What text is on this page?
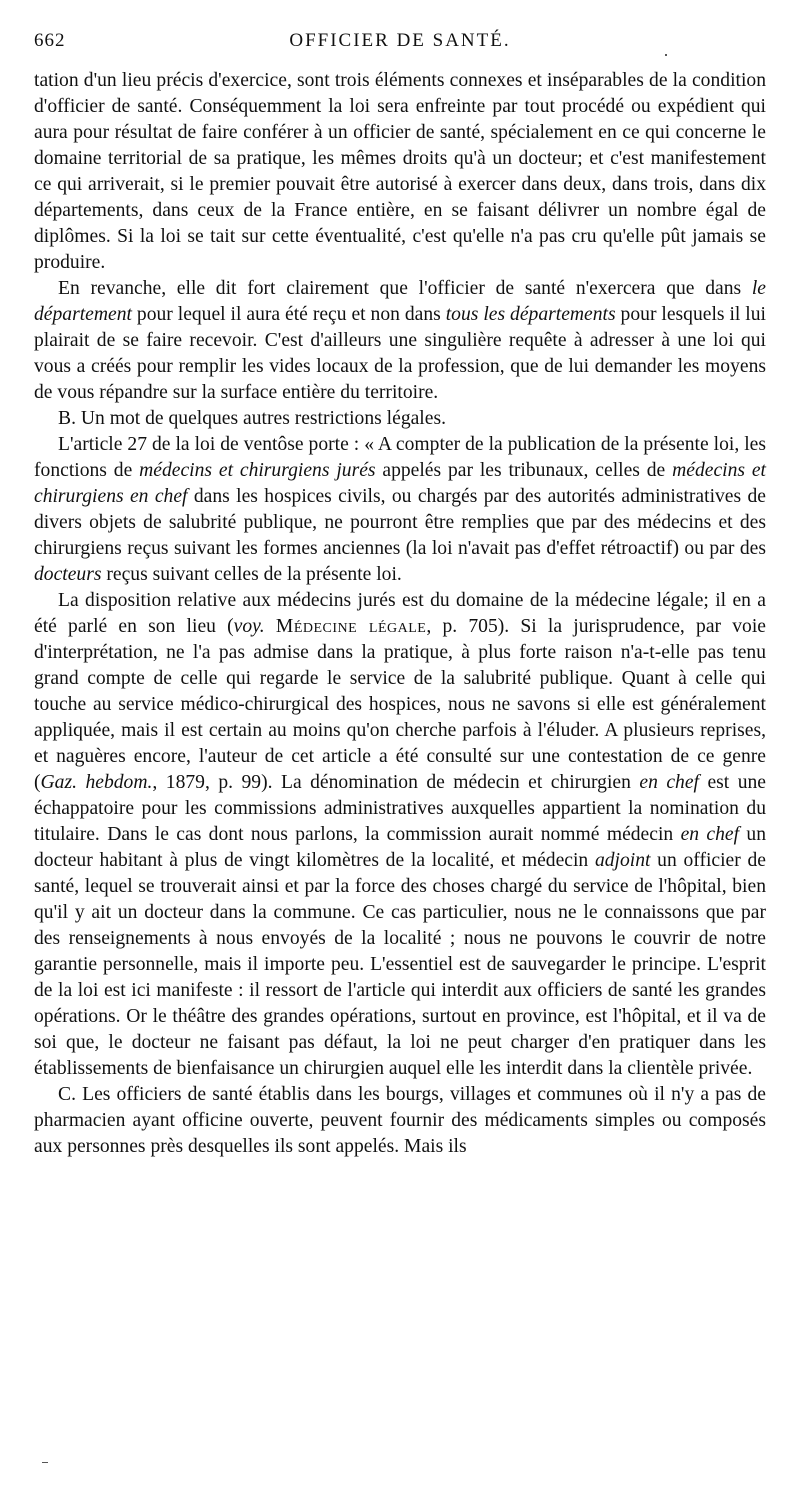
662	OFFICIER DE SANTÉ.

tation d'un lieu précis d'exercice, sont trois éléments connexes et inséparables de la condition d'officier de santé. Conséquemment la loi sera enfreinte par tout procédé ou expédient qui aura pour résultat de faire conférer à un officier de santé, spécialement en ce qui concerne le domaine territorial de sa pratique, les mêmes droits qu'à un docteur; et c'est manifestement ce qui arriverait, si le premier pouvait être autorisé à exercer dans deux, dans trois, dans dix départements, dans ceux de la France entière, en se faisant délivrer un nombre égal de diplômes. Si la loi se tait sur cette éventualité, c'est qu'elle n'a pas cru qu'elle pût jamais se produire.

En revanche, elle dit fort clairement que l'officier de santé n'exercera que dans le département pour lequel il aura été reçu et non dans tous les départements pour lesquels il lui plairait de se faire recevoir. C'est d'ailleurs une singulière requête à adresser à une loi qui vous a créés pour remplir les vides locaux de la profession, que de lui demander les moyens de vous répandre sur la surface entière du territoire.

B. Un mot de quelques autres restrictions légales.

L'article 27 de la loi de ventôse porte : « A compter de la publication de la présente loi, les fonctions de médecins et chirurgiens jurés appelés par les tribunaux, celles de médecins et chirurgiens en chef dans les hospices civils, ou chargés par des autorités administratives de divers objets de salubrité publique, ne pourront être remplies que par des médecins et des chirurgiens reçus suivant les formes anciennes (la loi n'avait pas d'effet rétroactif) ou par des docteurs reçus suivant celles de la présente loi.

La disposition relative aux médecins jurés est du domaine de la médecine légale; il en a été parlé en son lieu (voy. Médecine légale, p. 705). Si la jurisprudence, par voie d'interprétation, ne l'a pas admise dans la pratique, à plus forte raison n'a-t-elle pas tenu grand compte de celle qui regarde le service de la salubrité publique. Quant à celle qui touche au service médico-chirurgical des hospices, nous ne savons si elle est généralement appliquée, mais il est certain au moins qu'on cherche parfois à l'éluder. A plusieurs reprises, et naguères encore, l'auteur de cet article a été consulté sur une contestation de ce genre (Gaz. hebdom., 1879, p. 99). La dénomination de médecin et chirurgien en chef est une échappatoire pour les commissions administratives auxquelles appartient la nomination du titulaire. Dans le cas dont nous parlons, la commission aurait nommé médecin en chef un docteur habitant à plus de vingt kilomètres de la localité, et médecin adjoint un officier de santé, lequel se trouverait ainsi et par la force des choses chargé du service de l'hôpital, bien qu'il y ait un docteur dans la commune. Ce cas particulier, nous ne le connaissons que par des renseignements à nous envoyés de la localité ; nous ne pouvons le couvrir de notre garantie personnelle, mais il importe peu. L'essentiel est de sauvegarder le principe. L'esprit de la loi est ici manifeste : il ressort de l'article qui interdit aux officiers de santé les grandes opérations. Or le théâtre des grandes opérations, surtout en province, est l'hôpital, et il va de soi que, le docteur ne faisant pas défaut, la loi ne peut charger d'en pratiquer dans les établissements de bienfaisance un chirurgien auquel elle les interdit dans la clientèle privée.

C. Les officiers de santé établis dans les bourgs, villages et communes où il n'y a pas de pharmacien ayant officine ouverte, peuvent fournir des médicaments simples ou composés aux personnes près desquelles ils sont appelés. Mais ils
